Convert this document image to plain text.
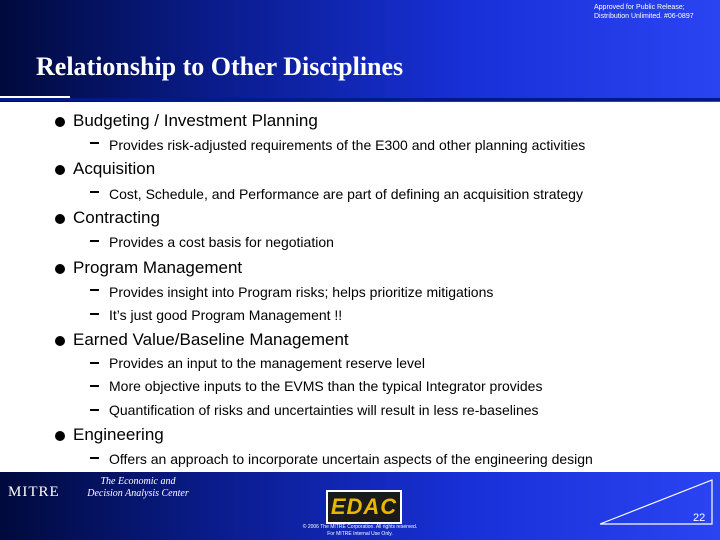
Approved for Public Release;
Distribution Unlimited. #06-0897
Relationship to Other Disciplines
Budgeting / Investment Planning
Provides risk-adjusted requirements of the E300 and other planning activities
Acquisition
Cost, Schedule, and Performance are part of defining an acquisition strategy
Contracting
Provides a cost basis for negotiation
Program Management
Provides insight into Program risks; helps prioritize mitigations
It’s just good Program Management !!
Earned Value/Baseline Management
Provides an input to the management reserve level
More objective inputs to the EVMS than the typical Integrator provides
Quantification of risks and uncertainties will result in less re-baselines
Engineering
Offers an approach to incorporate uncertain aspects of the engineering design
MITRE
The Economic and
Decision Analysis Center
EDAC
© 2006 The MITRE Corporation. All rights reserved.
For MITRE Internal Use Only.
22
